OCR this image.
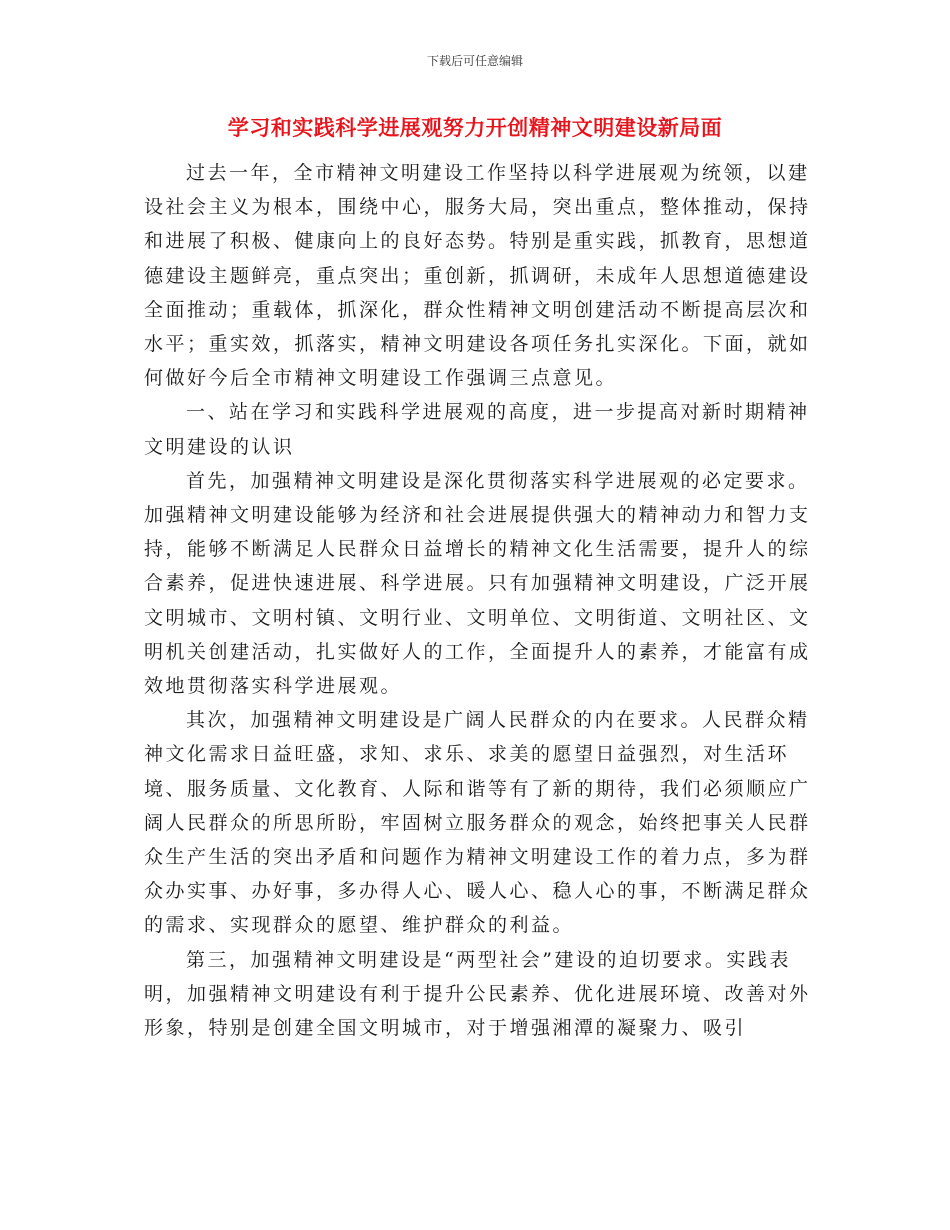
下载后可任意编辑
学习和实践科学进展观努力开创精神文明建设新局面

过去一年，全市精神文明建设工作坚持以科学进展观为统领，以建设社会主义为根本，围绕中心，服务大局，突出重点，整体推动，保持和进展了积极、健康向上的良好态势。特别是重实践，抓教育，思想道德建设主题鲜亮，重点突出；重创新，抓调研，未成年人思想道德建设全面推动；重载体，抓深化，群众性精神文明创建活动不断提高层次和水平；重实效，抓落实，精神文明建设各项任务扎实深化。下面，就如何做好今后全市精神文明建设工作强调三点意见。

一、站在学习和实践科学进展观的高度，进一步提高对新时期精神文明建设的认识

首先，加强精神文明建设是深化贯彻落实科学进展观的必定要求。加强精神文明建设能够为经济和社会进展提供强大的精神动力和智力支持，能够不断满足人民群众日益增长的精神文化生活需要，提升人的综合素养，促进快速进展、科学进展。只有加强精神文明建设，广泛开展文明城市、文明村镇、文明行业、文明单位、文明街道、文明社区、文明机关创建活动，扎实做好人的工作，全面提升人的素养，才能富有成效地贯彻落实科学进展观。

其次，加强精神文明建设是广阔人民群众的内在要求。人民群众精神文化需求日益旺盛，求知、求乐、求美的愿望日益强烈，对生活环境、服务质量、文化教育、人际和谐等有了新的期待，我们必须顺应广阔人民群众的所思所盼，牢固树立服务群众的观念，始终把事关人民群众生产生活的突出矛盾和问题作为精神文明建设工作的着力点，多为群众办实事、办好事，多办得人心、暖人心、稳人心的事，不断满足群众的需求、实现群众的愿望、维护群众的利益。

第三，加强精神文明建设是“两型社会”建设的迫切要求。实践表明，加强精神文明建设有利于提升公民素养、优化进展环境、改善对外形象，特别是创建全国文明城市，对于增强湘潭的凝聚力、吸引
